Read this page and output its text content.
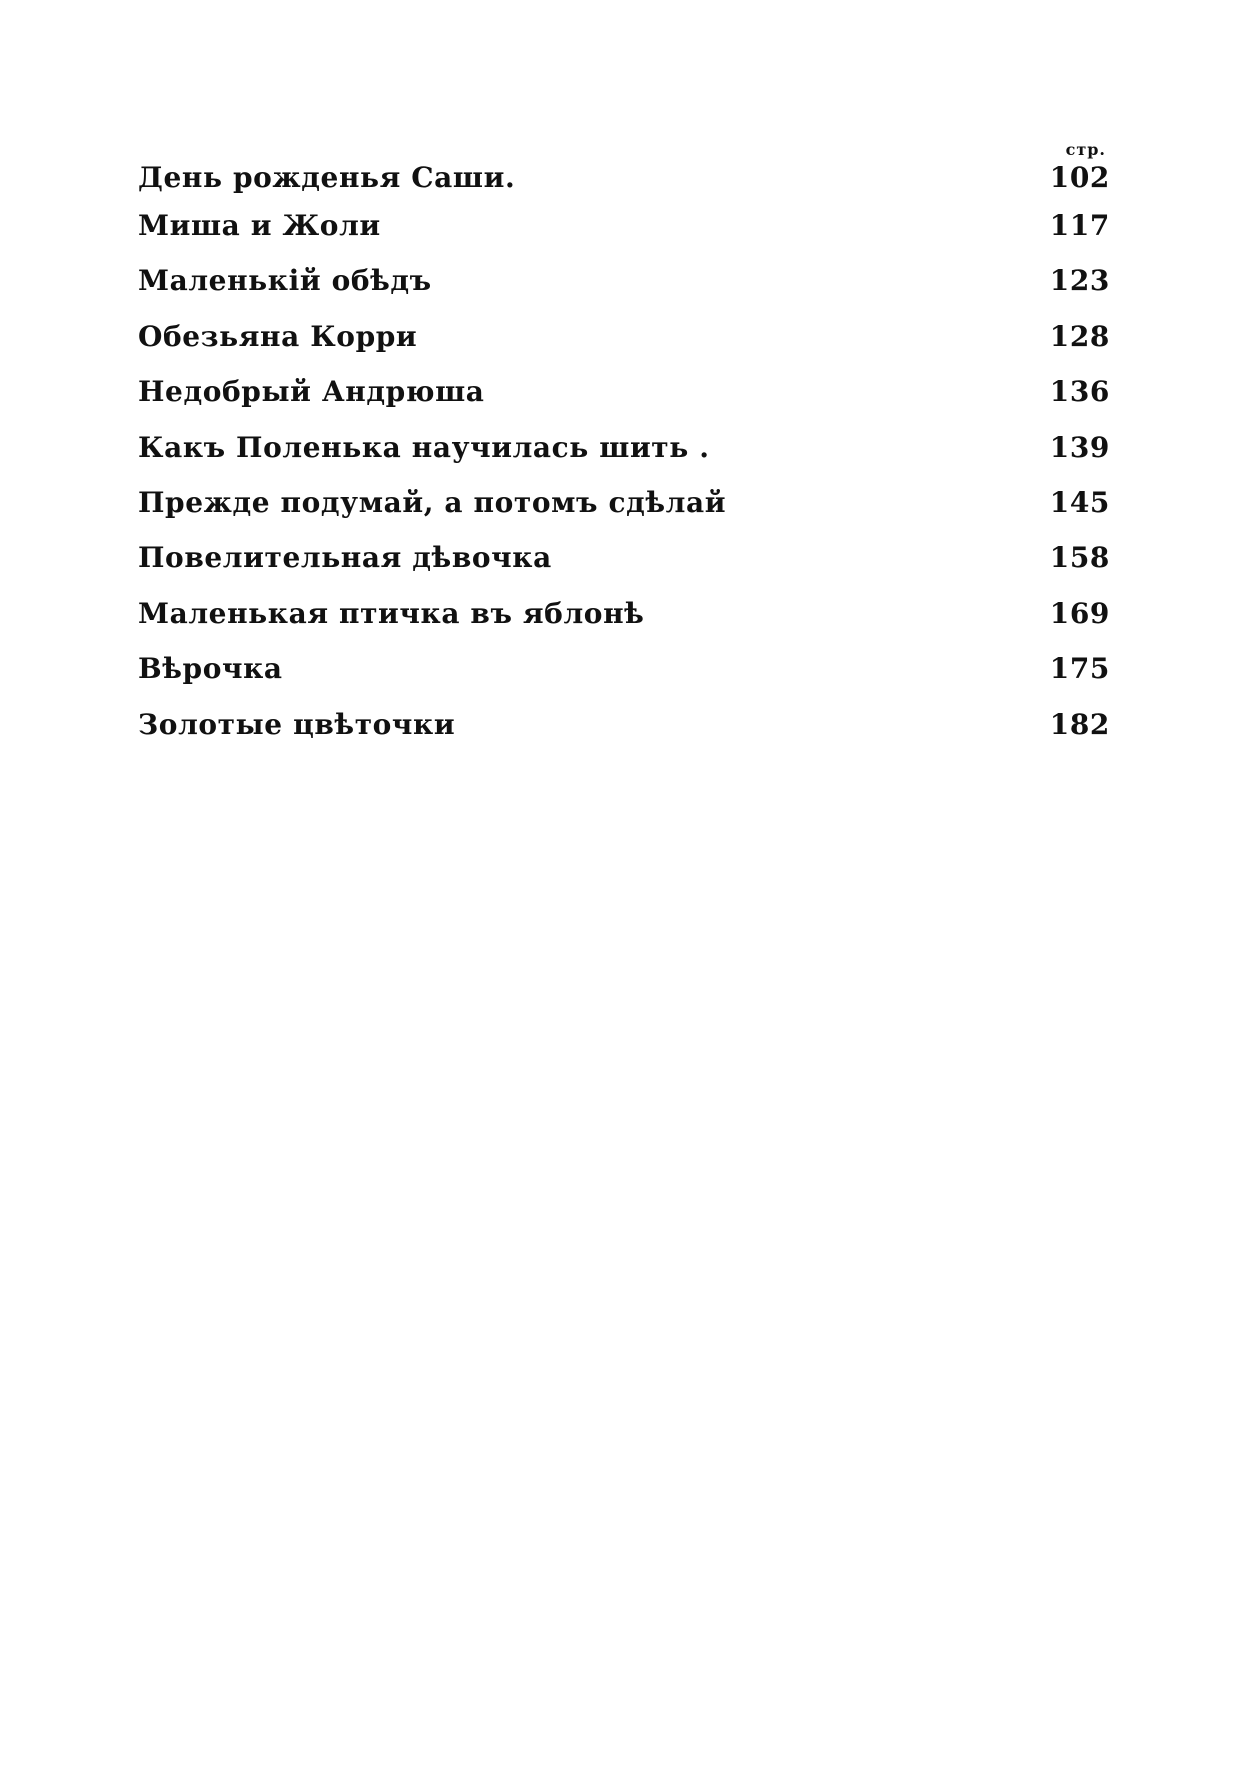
стр.
День рожденья Саши.	102
Миша и Жоли	117
Маленькій обѣдъ	123
Обезьяна Корри	128
Недобрый Андрюша	136
Какъ Поленька научилась шить .	139
Прежде подумай, а потомъ сдѣлай	145
Повелительная дѣвочка	158
Маленькая птичка въ яблонѣ	169
Вѣрочка	175
Золотые цвѣточки	182
